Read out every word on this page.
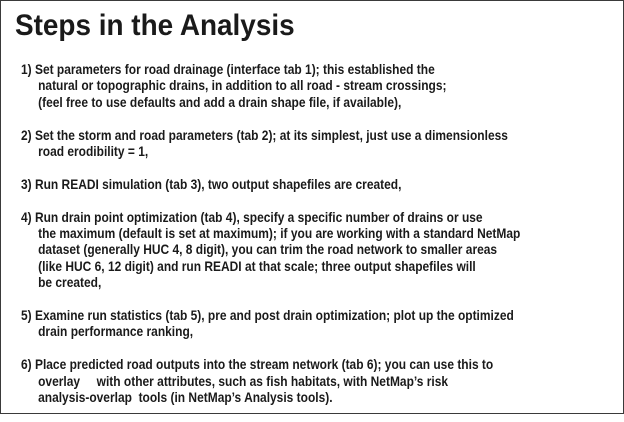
Steps in the Analysis
1) Set parameters for road drainage (interface tab 1); this established the
natural or topographic drains, in addition to all road - stream crossings;
(feel free to use defaults and add a drain shape file, if available),
2) Set the storm and road parameters (tab 2); at its simplest, just use a dimensionless
road erodibility = 1,
3) Run READI simulation (tab 3), two output shapefiles are created,
4) Run drain point optimization (tab 4), specify a specific number of drains or use
the maximum (default is set at maximum); if you are working with a standard NetMap
dataset (generally HUC 4, 8 digit), you can trim the road network to smaller areas
(like HUC 6, 12 digit) and run READI at that scale; three output shapefiles will
be created,
5) Examine run statistics (tab 5), pre and post drain optimization; plot up the optimized
drain performance ranking,
6) Place predicted road outputs into the stream network (tab 6); you can use this to
overlay     with other attributes, such as fish habitats, with NetMap’s risk
analysis-overlap  tools (in NetMap’s Analysis tools).
